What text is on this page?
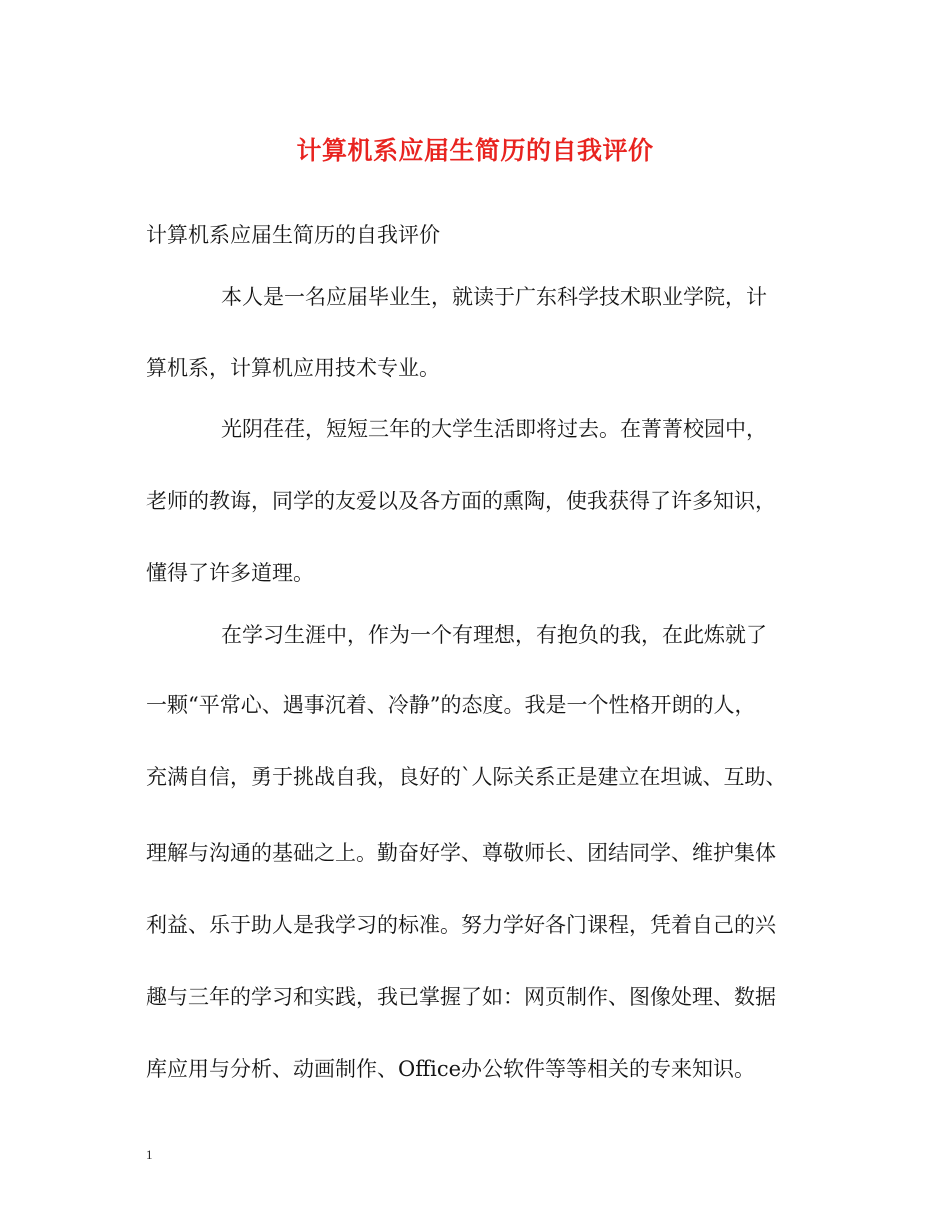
计算机系应届生简历的自我评价
计算机系应届生简历的自我评价
本人是一名应届毕业生，就读于广东科学技术职业学院，计
算机系，计算机应用技术专业。
光阴荏荏，短短三年的大学生活即将过去。在菁菁校园中，
老师的教诲，同学的友爱以及各方面的熏陶，使我获得了许多知识，
懂得了许多道理。
在学习生涯中，作为一个有理想，有抱负的我，在此炼就了
一颗“平常心、遇事沉着、冷静”的态度。我是一个性格开朗的人，
充满自信，勇于挑战自我，良好的`人际关系正是建立在坦诚、互助、
理解与沟通的基础之上。勤奋好学、尊敬师长、团结同学、维护集体
利益、乐于助人是我学习的标准。努力学好各门课程，凭着自己的兴
趣与三年的学习和实践，我已掌握了如：网页制作、图像处理、数据
库应用与分析、动画制作、Office办公软件等等相关的专来知识。
1
